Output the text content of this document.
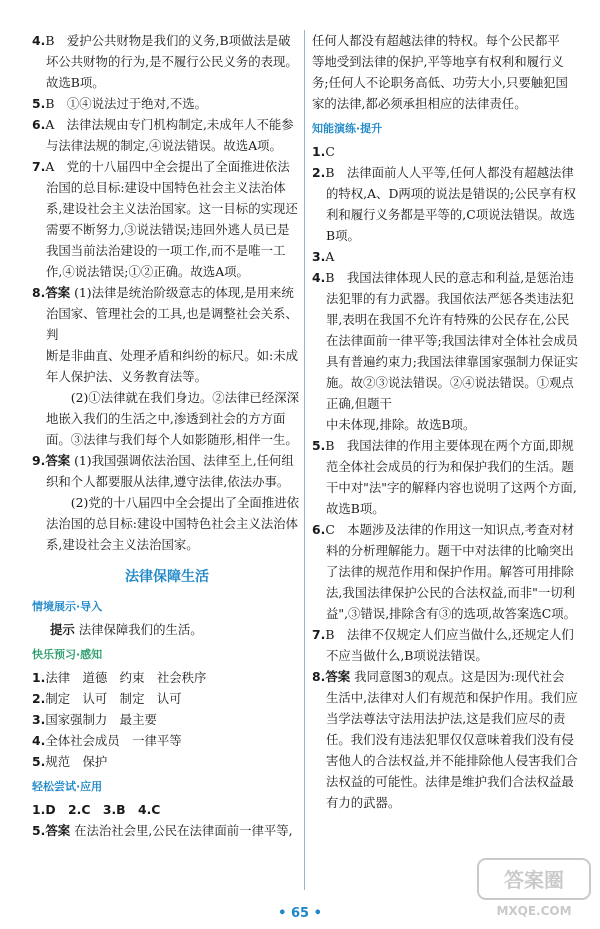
4.B　爱护公共财物是我们的义务,B项做法是破
坏公共财物的行为,是不履行公民义务的表现。
故选B项。
5.B　①④说法过于绝对,不选。
6.A　法律法规由专门机构制定,未成年人不能参
与法律法规的制定,④说法错误。故选A项。
7.A　党的十八届四中全会提出了全面推进依法
治国的总目标:建设中国特色社会主义法治体
系,建设社会主义法治国家。这一目标的实现还
需要不断努力,③说法错误;违回外逃人员已是
我国当前法治建设的一项工作,而不是唯一工
作,④说法错误;①②正确。故选A项。
8.答案 (1)法律是统治阶级意志的体现,是用来统
治国家、管理社会的工具,也是调整社会关系、判
断是非曲直、处理矛盾和纠纷的标尺。如:未成
年人保护法、义务教育法等。
(2)①法律就在我们身边。②法律已经深深
地嵌入我们的生活之中,渗透到社会的方方面
面。③法律与我们每个人如影随形,相伴一生。
9.答案 (1)我国强调依法治国、法律至上,任何组
织和个人都要服从法律,遵守法律,依法办事。
(2)党的十八届四中全会提出了全面推进依
法治国的总目标:建设中国特色社会主义法治体
系,建设社会主义法治国家。
法律保障生活
情境展示·导入
提示 法律保障我们的生活。
快乐预习·感知
1.法律　道德　约束　社会秩序
2.制定　认可　制定　认可
3.国家强制力　最主要
4.全体社会成员　一律平等
5.规范　保护
轻松尝试·应用
1.D　2.C　3.B　4.C
5.答案 在法治社会里,公民在法律面前一律平等,
任何人都没有超越法律的特权。每个公民都平
等地受到法律的保护,平等地享有权利和履行义
务;任何人不论职务高低、功劳大小,只要触犯国
家的法律,都必须承担相应的法律责任。
知能演练·提升
1.C
2.B　法律面前人人平等,任何人都没有超越法律
的特权,A、D两项的说法是错误的;公民享有权
利和履行义务都是平等的,C项说法错误。故选
B项。
3.A
4.B　我国法律体现人民的意志和利益,是惩治违
法犯罪的有力武器。我国依法严惩各类违法犯
罪,表明在我国不允许有特殊的公民存在,公民
在法律面前一律平等;我国法律对全体社会成员
具有普遍约束力;我国法律靠国家强制力保证实
施。故②③说法错误。②④说法错误。①观点正确,但题干
中未体现,排除。故选B项。
5.B　我国法律的作用主要体现在两个方面,即规
范全体社会成员的行为和保护我们的生活。题
干中对"法"字的解释内容也说明了这两个方面,
故选B项。
6.C　本题涉及法律的作用这一知识点,考查对材
料的分析理解能力。题干中对法律的比喻突出
了法律的规范作用和保护作用。解答可用排除
法,我国法律保护公民的合法权益,而非"一切利
益",③错误,排除含有③的选项,故答案选C项。
7.B　法律不仅规定人们应当做什么,还规定人们
不应当做什么,B项说法错误。
8.答案 我同意图3的观点。这是因为:现代社会
生活中,法律对人们有规范和保护作用。我们应
当学法尊法守法用法护法,这是我们应尽的责
任。我们没有违法犯罪仅仅意味着我们没有侵
害他人的合法权益,并不能排除他人侵害我们合
法权益的可能性。法律是维护我们合法权益最
有力的武器。
• 65 •
答案圈
MXQE.COM
